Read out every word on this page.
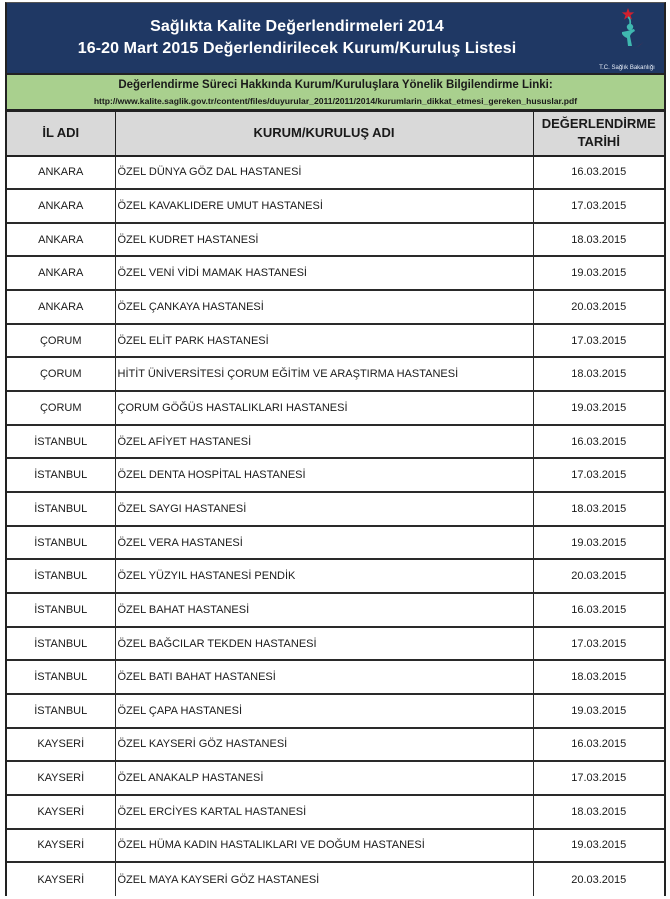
Sağlıkta Kalite Değerlendirmeleri 2014
16-20 Mart 2015 Değerlendirilecek Kurum/Kuruluş Listesi
T.C. Sağlık Bakanlığı
Değerlendirme Süreci Hakkında Kurum/Kuruluşlara Yönelik Bilgilendirme Linki:
http://www.kalite.saglik.gov.tr/content/files/duyurular_2011/2011/2014/kurumlarin_dikkat_etmesi_gereken_hususlar.pdf
İL ADI	KURUM/KURULUŞ ADI	DEĞERLENDİRME
TARİHİ
ANKARA	ÖZEL DÜNYA GÖZ DAL HASTANESİ	16.03.2015
ANKARA	ÖZEL KAVAKLIDERE UMUT HASTANESİ	17.03.2015
ANKARA	ÖZEL KUDRET HASTANESİ	18.03.2015
ANKARA	ÖZEL VENİ VİDİ MAMAK HASTANESİ	19.03.2015
ANKARA	ÖZEL ÇANKAYA HASTANESİ	20.03.2015
ÇORUM	ÖZEL ELİT PARK HASTANESİ	17.03.2015
ÇORUM	HİTİT ÜNİVERSİTESİ ÇORUM EĞİTİM VE ARAŞTIRMA HASTANESİ	18.03.2015
ÇORUM	ÇORUM GÖĞÜS HASTALIKLARI HASTANESİ	19.03.2015
İSTANBUL	ÖZEL AFİYET HASTANESİ	16.03.2015
İSTANBUL	ÖZEL DENTA HOSPİTAL HASTANESİ	17.03.2015
İSTANBUL	ÖZEL SAYGI HASTANESİ	18.03.2015
İSTANBUL	ÖZEL VERA HASTANESİ	19.03.2015
İSTANBUL	ÖZEL YÜZYIL HASTANESİ PENDİK	20.03.2015
İSTANBUL	ÖZEL BAHAT HASTANESİ	16.03.2015
İSTANBUL	ÖZEL BAĞCILAR TEKDEN HASTANESİ	17.03.2015
İSTANBUL	ÖZEL BATI BAHAT HASTANESİ	18.03.2015
İSTANBUL	ÖZEL ÇAPA HASTANESİ	19.03.2015
KAYSERİ	ÖZEL KAYSERİ GÖZ HASTANESİ	16.03.2015
KAYSERİ	ÖZEL ANAKALP HASTANESİ	17.03.2015
KAYSERİ	ÖZEL ERCİYES KARTAL HASTANESİ	18.03.2015
KAYSERİ	ÖZEL HÜMA KADIN HASTALIKLARI VE DOĞUM HASTANESİ	19.03.2015
KAYSERİ	ÖZEL MAYA KAYSERİ GÖZ HASTANESİ	20.03.2015
